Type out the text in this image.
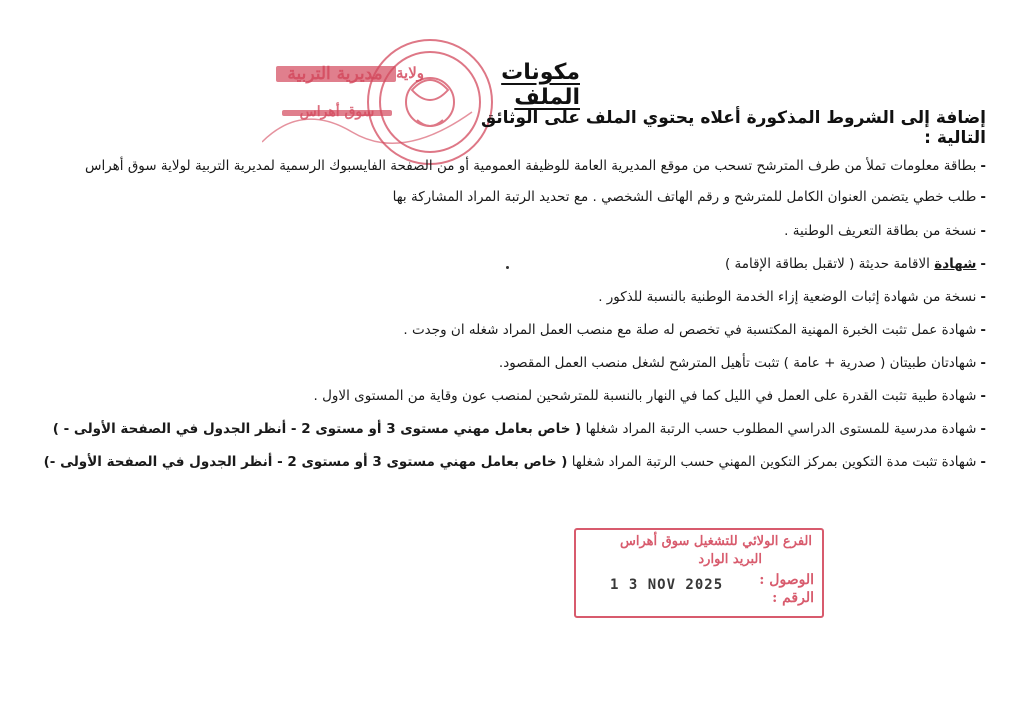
مديرية التربية ولاية
سوق أهراس
مكونات الملف
إضافة إلى الشروط المذكورة أعلاه يحتوي الملف على الوثائق التالية :
-بطاقة معلومات تملأ من طرف المترشح تسحب من موقع المديرية العامة للوظيفة العمومية أو من الصفحة الفايسبوك الرسمية لمديرية التربية لولاية سوق أهراس
-طلب خطي يتضمن العنوان الكامل للمترشح و رقم الهاتف الشخصي . مع تحديد الرتبة المراد المشاركة بها
-نسخة من بطاقة التعريف الوطنية .
-شهادة الاقامة حديثة ( لاتقبل بطاقة الإقامة )
-نسخة من شهادة إثبات الوضعية إزاء الخدمة الوطنية بالنسبة للذكور .
-شهادة عمل تثبت الخبرة المهنية المكتسبة في تخصص له صلة مع منصب العمل المراد شغله ان وجدت .
-شهادتان طبيتان ( صدرية + عامة ) تثبت تأهيل المترشح لشغل منصب العمل المقصود.
-شهادة طبية تثبت القدرة على العمل في الليل كما في النهار بالنسبة للمترشحين لمنصب عون وقاية من المستوى الاول .
-شهادة مدرسية للمستوى الدراسي المطلوب حسب الرتبة المراد شغلها ( خاص بعامل مهني مستوى 3 أو مستوى 2 - أنظر الجدول في الصفحة الأولى - )
-شهادة تثبت مدة التكوين بمركز التكوين المهني حسب الرتبة المراد شغلها ( خاص بعامل مهني مستوى 3 أو مستوى 2 - أنظر الجدول في الصفحة الأولى -)
الفرع الولائي للتشغيل سوق أهراس
البريد الوارد
الوصول :
الرقم :
1 3 NOV 2025
